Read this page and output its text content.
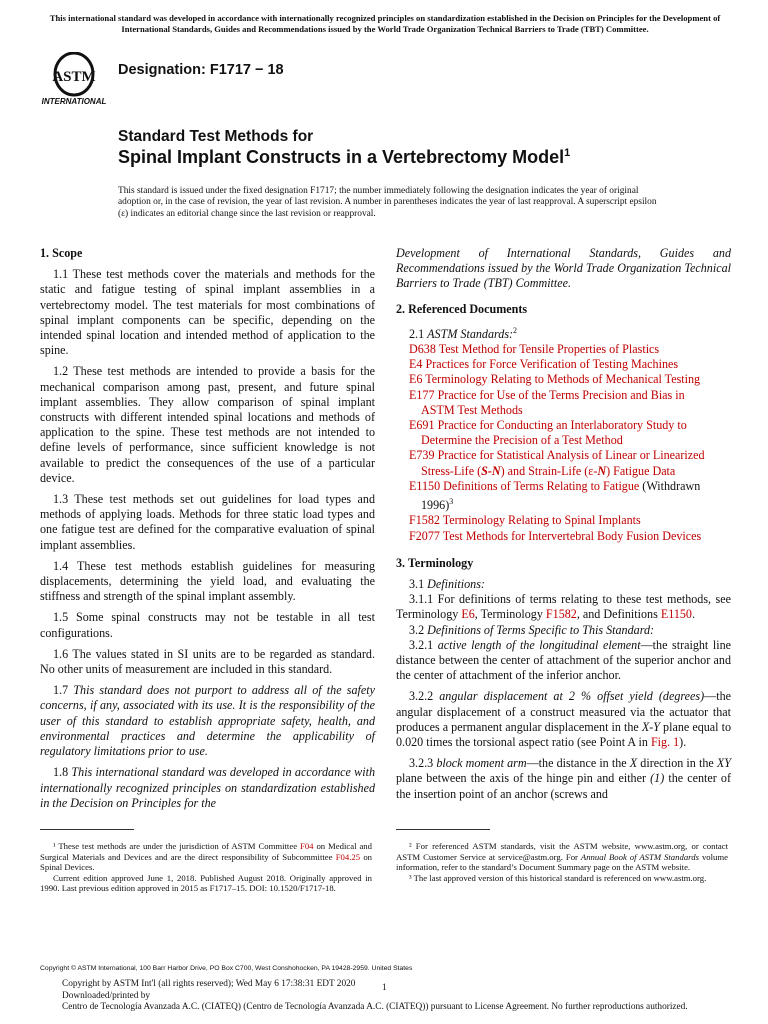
This international standard was developed in accordance with internationally recognized principles on standardization established in the Decision on Principles for the Development of International Standards, Guides and Recommendations issued by the World Trade Organization Technical Barriers to Trade (TBT) Committee.
ASTM
INTERNATIONAL
Designation: F1717 − 18
Standard Test Methods for
Spinal Implant Constructs in a Vertebrectomy Model$^1$
This standard is issued under the fixed designation F1717; the number immediately following the designation indicates the year of original adoption or, in the case of revision, the year of last revision. A number in parentheses indicates the year of last reapproval. A superscript epsilon (ε) indicates an editorial change since the last revision or reapproval.
1. Scope

1.1 These test methods cover the materials and methods for the static and fatigue testing of spinal implant assemblies in a vertebrectomy model. The test materials for most combinations of spinal implant components can be specific, depending on the intended spinal location and intended method of application to the spine.

1.2 These test methods are intended to provide a basis for the mechanical comparison among past, present, and future spinal implant assemblies. They allow comparison of spinal implant constructs with different intended spinal locations and methods of application to the spine. These test methods are not intended to define levels of performance, since sufficient knowledge is not available to predict the consequences of the use of a particular device.

1.3 These test methods set out guidelines for load types and methods of applying loads. Methods for three static load types and one fatigue test are defined for the comparative evaluation of spinal implant assemblies.

1.4 These test methods establish guidelines for measuring displacements, determining the yield load, and evaluating the stiffness and strength of the spinal implant assembly.

1.5 Some spinal constructs may not be testable in all test configurations.

1.6 The values stated in SI units are to be regarded as standard. No other units of measurement are included in this standard.

1.7 This standard does not purport to address all of the safety concerns, if any, associated with its use. It is the responsibility of the user of this standard to establish appropriate safety, health, and environmental practices and determine the applicability of regulatory limitations prior to use.

1.8 This international standard was developed in accordance with internationally recognized principles on standardization established in the Decision on Principles for the

Development of International Standards, Guides and Recommendations issued by the World Trade Organization Technical Barriers to Trade (TBT) Committee.

2. Referenced Documents

2.1 ASTM Standards:$^2$

D638 Test Method for Tensile Properties of Plastics
E4 Practices for Force Verification of Testing Machines
E6 Terminology Relating to Methods of Mechanical Testing
E177 Practice for Use of the Terms Precision and Bias in
ASTM Test Methods
E691 Practice for Conducting an Interlaboratory Study to
Determine the Precision of a Test Method
E739 Practice for Statistical Analysis of Linear or Linearized
Stress-Life (S-N) and Strain-Life (ε-N) Fatigue Data
E1150 Definitions of Terms Relating to Fatigue (Withdrawn
1996)$^3$
F1582 Terminology Relating to Spinal Implants
F2077 Test Methods for Intervertebral Body Fusion Devices
3. Terminology

3.1 Definitions:

3.1.1 For definitions of terms relating to these test methods, see Terminology E6, Terminology F1582, and Definitions E1150.

3.2 Definitions of Terms Specific to This Standard:

3.2.1 active length of the longitudinal element—the straight line distance between the center of attachment of the superior anchor and the center of attachment of the inferior anchor.

3.2.2 angular displacement at 2 % offset yield (degrees)—the angular displacement of a construct measured via the actuator that produces a permanent angular displacement in the X-Y plane equal to 0.020 times the torsional aspect ratio (see Point A in Fig. 1).

3.2.3 block moment arm—the distance in the X direction in the XY plane between the axis of the hinge pin and either (1) the center of the insertion point of an anchor (screws and

¹ These test methods are under the jurisdiction of ASTM Committee F04 on Medical and Surgical Materials and Devices and are the direct responsibility of Subcommittee F04.25 on Spinal Devices.

Current edition approved June 1, 2018. Published August 2018. Originally approved in 1990. Last previous edition approved in 2015 as F1717–15. DOI: 10.1520/F1717-18.

² For referenced ASTM standards, visit the ASTM website, www.astm.org, or contact ASTM Customer Service at service@astm.org. For Annual Book of ASTM Standards volume information, refer to the standard’s Document Summary page on the ASTM website.

³ The last approved version of this historical standard is referenced on www.astm.org.

Copyright © ASTM International, 100 Barr Harbor Drive, PO Box C700, West Conshohocken, PA 19428-2959. United States
Copyright by ASTM Int'l (all rights reserved); Wed May 6 17:38:31 EDT 2020
Downloaded/printed by
Centro de Tecnología Avanzada A.C. (CIATEQ) (Centro de Tecnología Avanzada A.C. (CIATEQ)) pursuant to License Agreement. No further reproductions authorized.
1
